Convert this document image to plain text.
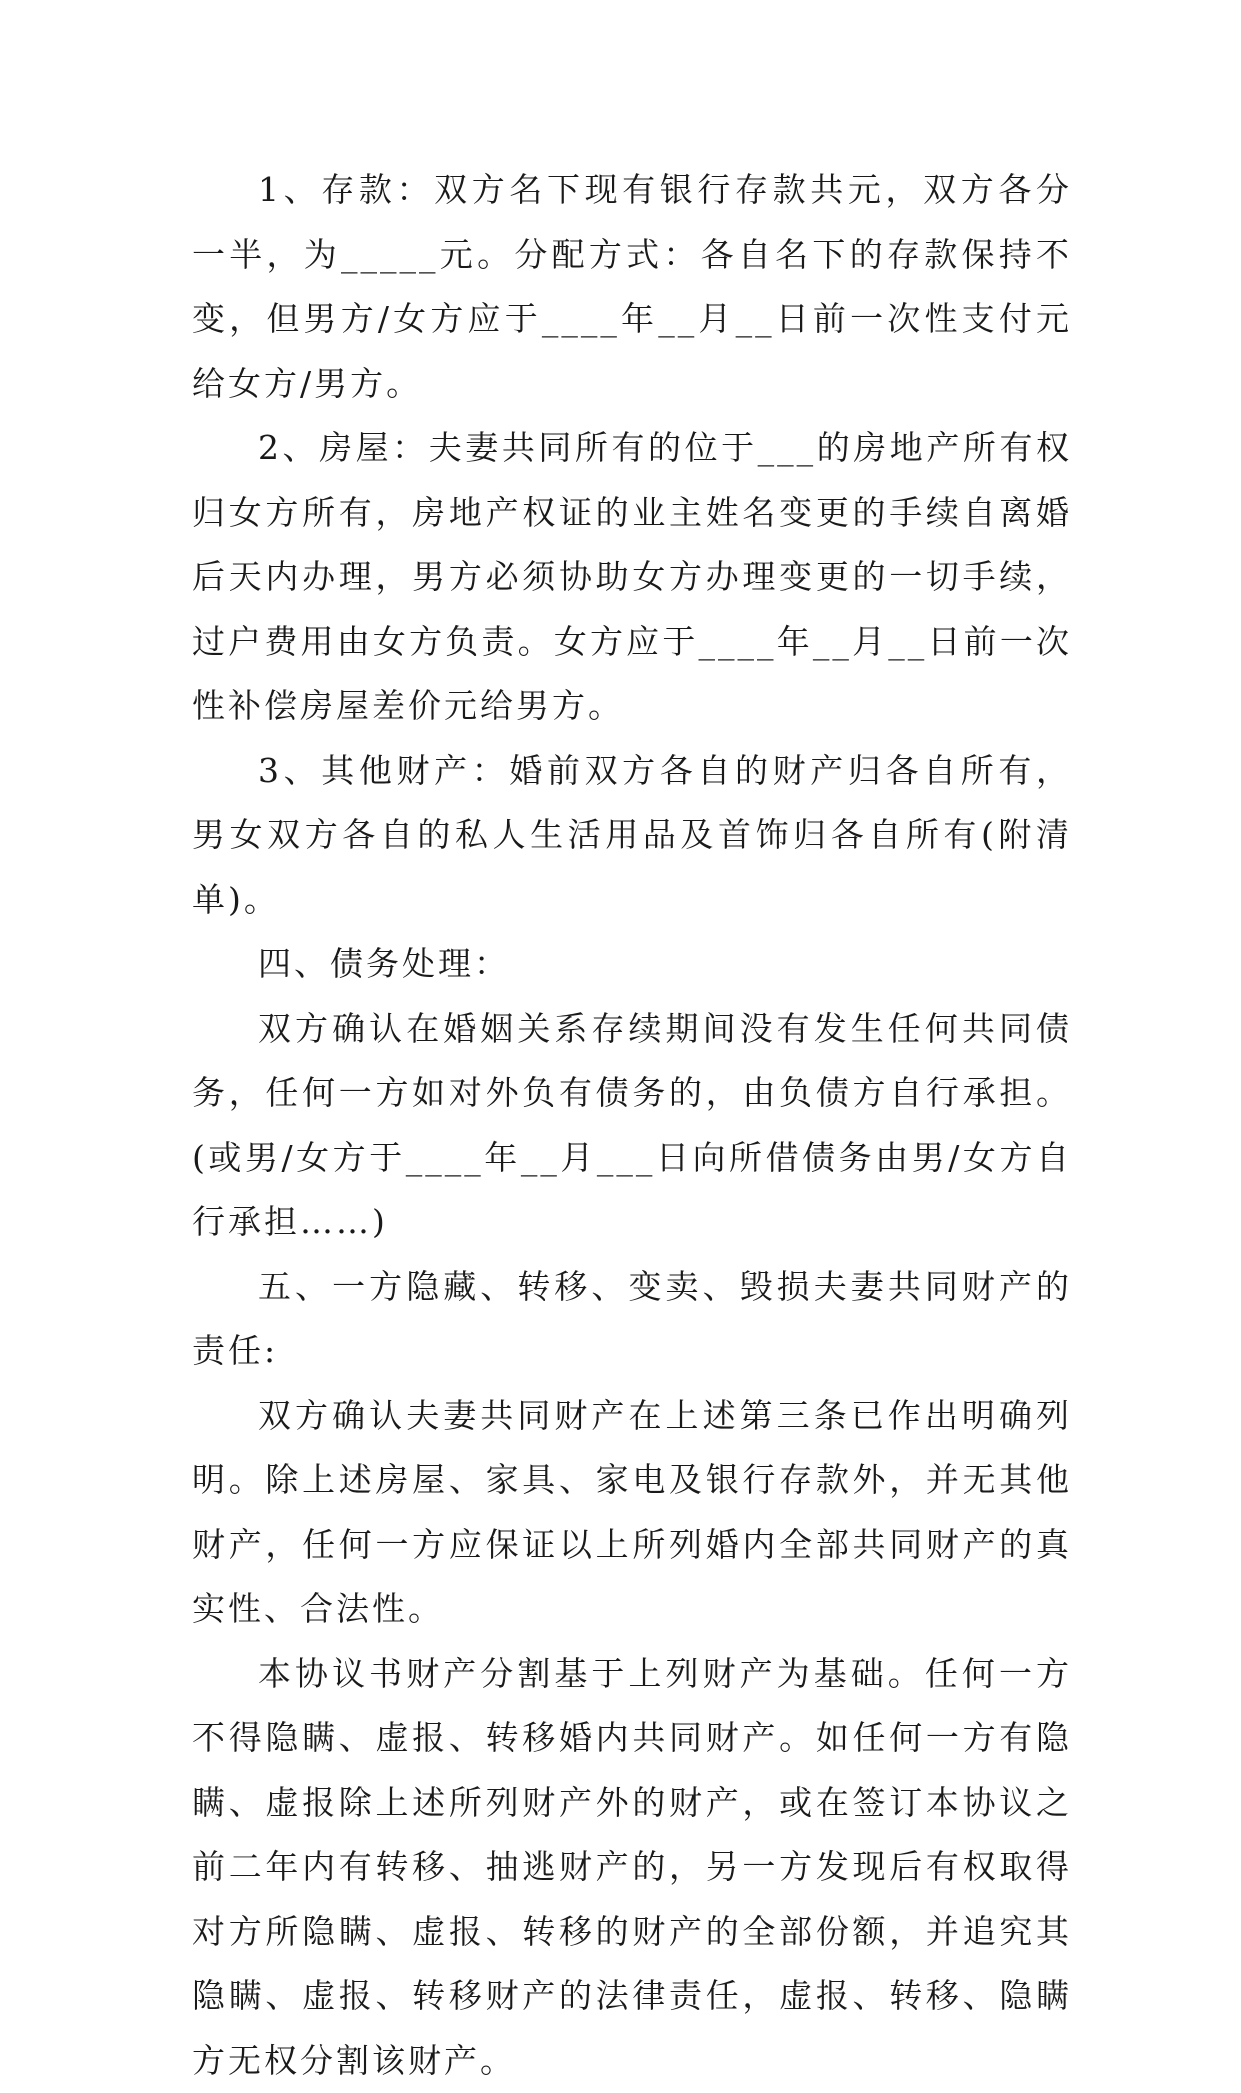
1、存款：双方名下现有银行存款共元，双方各分一半，为_____元。分配方式：各自名下的存款保持不变，但男方/女方应于____年__月__日前一次性支付元给女方/男方。

2、房屋：夫妻共同所有的位于___的房地产所有权归女方所有，房地产权证的业主姓名变更的手续自离婚后天内办理，男方必须协助女方办理变更的一切手续，过户费用由女方负责。女方应于____年__月__日前一次性补偿房屋差价元给男方。

3、其他财产：婚前双方各自的财产归各自所有，男女双方各自的私人生活用品及首饰归各自所有(附清单)。

四、债务处理：

双方确认在婚姻关系存续期间没有发生任何共同债务，任何一方如对外负有债务的，由负债方自行承担。(或男/女方于____年__月___日向所借债务由男/女方自行承担……)

五、一方隐藏、转移、变卖、毁损夫妻共同财产的责任:

双方确认夫妻共同财产在上述第三条已作出明确列明。除上述房屋、家具、家电及银行存款外，并无其他财产，任何一方应保证以上所列婚内全部共同财产的真实性、合法性。

本协议书财产分割基于上列财产为基础。任何一方不得隐瞒、虚报、转移婚内共同财产。如任何一方有隐瞒、虚报除上述所列财产外的财产，或在签订本协议之前二年内有转移、抽逃财产的，另一方发现后有权取得对方所隐瞒、虚报、转移的财产的全部份额，并追究其隐瞒、虚报、转移财产的法律责任，虚报、转移、隐瞒方无权分割该财产。
